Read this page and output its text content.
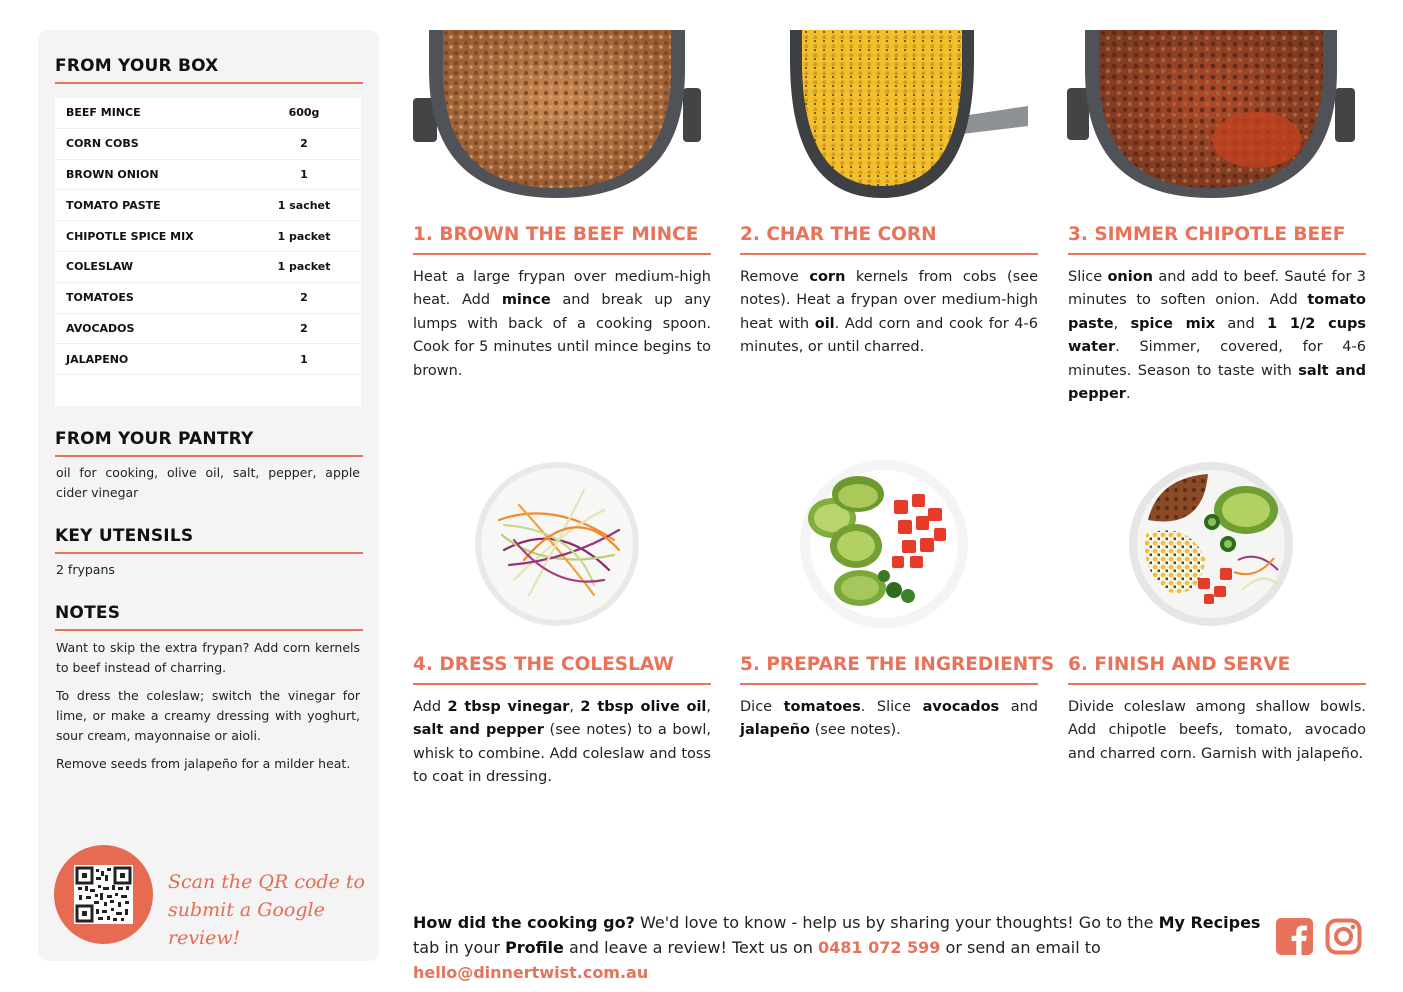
FROM YOUR BOX
BEEF MINCE	600g
CORN COBS	2
BROWN ONION	1
TOMATO PASTE	1 sachet
CHIPOTLE SPICE MIX	1 packet
COLESLAW	1 packet
TOMATOES	2
AVOCADOS	2
JALAPENO	1
FROM YOUR PANTRY
oil for cooking, olive oil, salt, pepper, apple cider vinegar
KEY UTENSILS
2 frypans
NOTES
Want to skip the extra frypan? Add corn kernels to beef instead of charring.
To dress the coleslaw; switch the vinegar for lime, or make a creamy dressing with yoghurt, sour cream, mayonnaise or aioli.
Remove seeds from jalapeño for a milder heat.
Scan the QR code to
submit a Google review!
1. BROWN THE BEEF MINCE
Heat a large frypan over medium-high heat. Add mince and break up any lumps with back of a cooking spoon. Cook for 5 minutes until mince begins to brown.
2. CHAR THE CORN
Remove corn kernels from cobs (see notes). Heat a frypan over medium-high heat with oil. Add corn and cook for 4-6 minutes, or until charred.
3. SIMMER CHIPOTLE BEEF
Slice onion and add to beef. Sauté for 3 minutes to soften onion. Add tomato paste, spice mix and 1 1/2 cups water. Simmer, covered, for 4-6 minutes. Season to taste with salt and pepper.
4. DRESS THE COLESLAW
Add 2 tbsp vinegar, 2 tbsp olive oil, salt and pepper (see notes) to a bowl, whisk to combine. Add coleslaw and toss to coat in dressing.
5. PREPARE THE INGREDIENTS
Dice tomatoes. Slice avocados and jalapeño (see notes).
6. FINISH AND SERVE
Divide coleslaw among shallow bowls. Add chipotle beefs, tomato, avocado and charred corn. Garnish with jalapeño.
How did the cooking go? We'd love to know - help us by sharing your thoughts! Go to the My Recipes tab in your Profile and leave a review! Text us on 0481 072 599 or send an email to hello@dinnertwist.com.au
